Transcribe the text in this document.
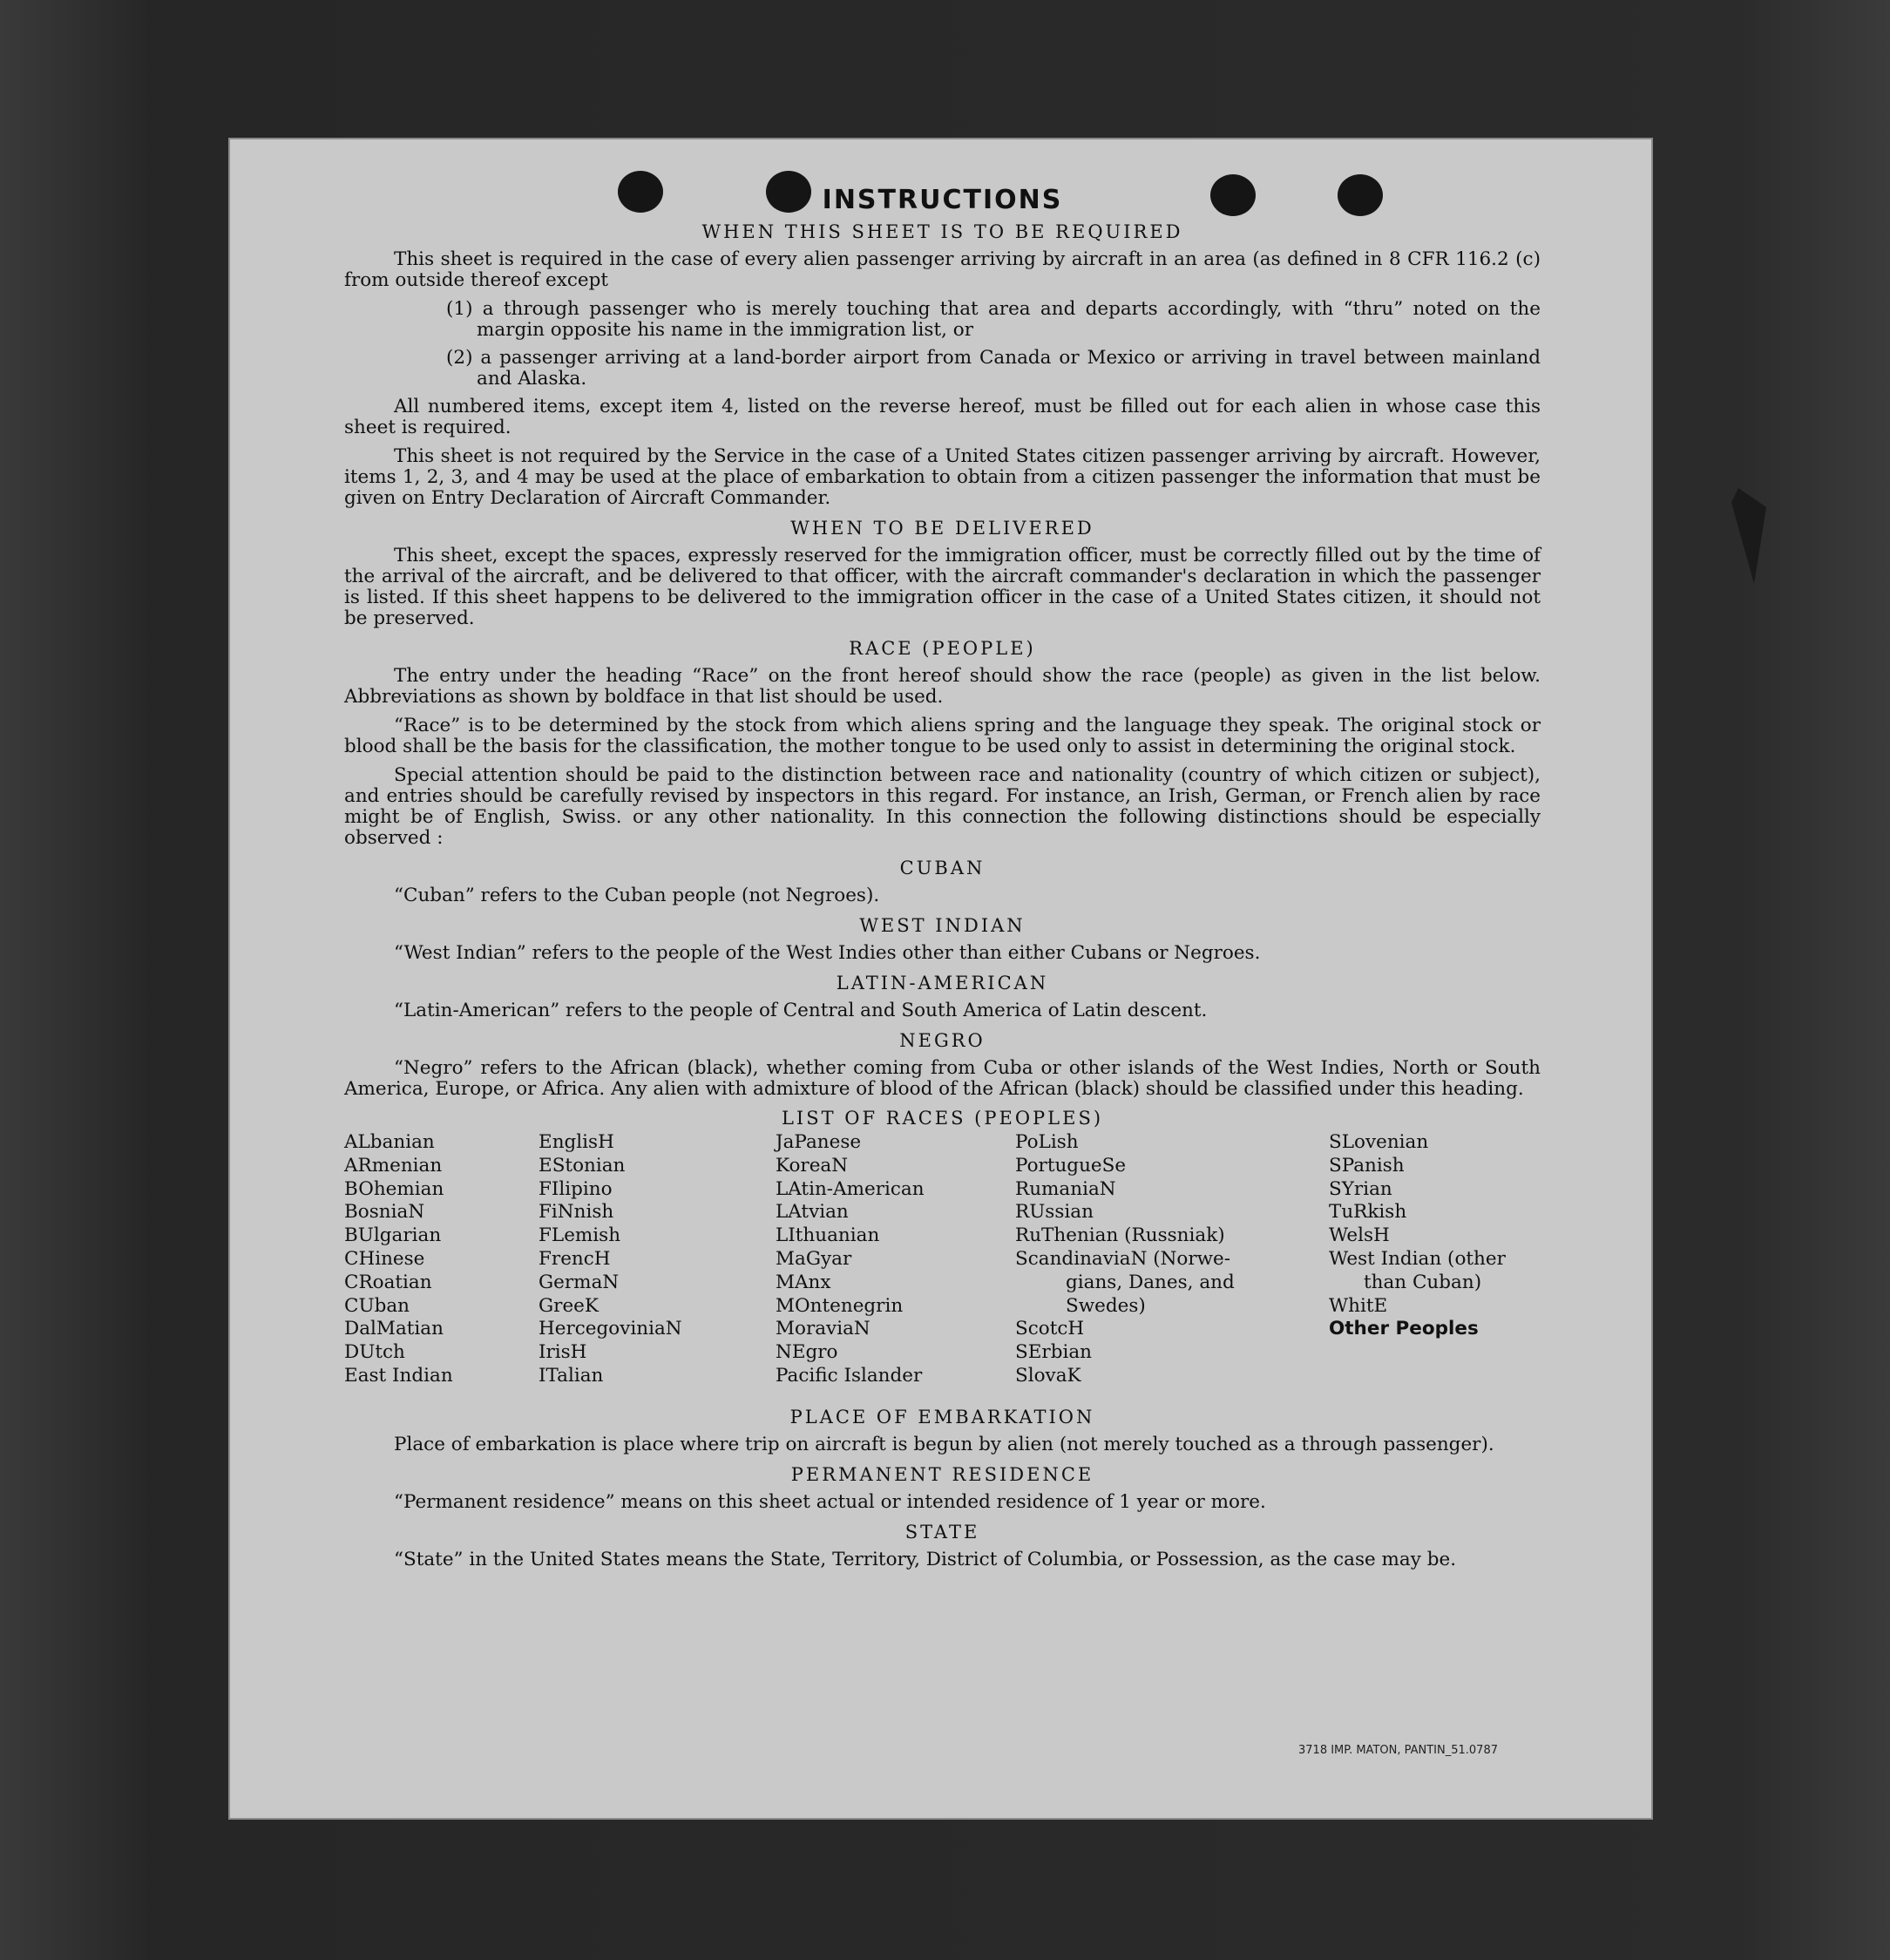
INSTRUCTIONS
WHEN THIS SHEET IS TO BE REQUIRED

This sheet is required in the case of every alien passenger arriving by aircraft in an area (as defined in 8 CFR 116.2 (c) from outside thereof except

(1) a through passenger who is merely touching that area and departs accordingly, with “thru” noted on the margin opposite his name in the immigration list, or

(2) a passenger arriving at a land-border airport from Canada or Mexico or arriving in travel between mainland and Alaska.

All numbered items, except item 4, listed on the reverse hereof, must be filled out for each alien in whose case this sheet is required.

This sheet is not required by the Service in the case of a United States citizen passenger arriving by aircraft. However, items 1, 2, 3, and 4 may be used at the place of embarkation to obtain from a citizen passenger the information that must be given on Entry Declaration of Aircraft Commander.

WHEN TO BE DELIVERED

This sheet, except the spaces, expressly reserved for the immigration officer, must be correctly filled out by the time of the arrival of the aircraft, and be delivered to that officer, with the aircraft commander's declaration in which the passenger is listed. If this sheet happens to be delivered to the immigration officer in the case of a United States citizen, it should not be preserved.

RACE (PEOPLE)

The entry under the heading “Race” on the front hereof should show the race (people) as given in the list below. Abbreviations as shown by boldface in that list should be used.

“Race” is to be determined by the stock from which aliens spring and the language they speak. The original stock or blood shall be the basis for the classification, the mother tongue to be used only to assist in determining the original stock.

Special attention should be paid to the distinction between race and nationality (country of which citizen or subject), and entries should be carefully revised by inspectors in this regard. For instance, an Irish, German, or French alien by race might be of English, Swiss. or any other nationality. In this connection the following distinctions should be especially observed :

CUBAN

“Cuban” refers to the Cuban people (not Negroes).

WEST INDIAN

“West Indian” refers to the people of the West Indies other than either Cubans or Negroes.

LATIN-AMERICAN

“Latin-American” refers to the people of Central and South America of Latin descent.

NEGRO

“Negro” refers to the African (black), whether coming from Cuba or other islands of the West Indies, North or South America, Europe, or Africa. Any alien with admixture of blood of the African (black) should be classified under this heading.

LIST OF RACES (PEOPLES)
ALbanian
ARmenian
BOhemian
BosniaN
BUlgarian
CHinese
CRoatian
CUban
DalMatian
DUtch
East Indian
EnglisH
EStonian
FIlipino
FiNnish
FLemish
FrencH
GermaN
GreeK
HercegoviniaN
IrisH
ITalian
JaPanese
KoreaN
LAtin-American
LAtvian
LIthuanian
MaGyar
MAnx
MOntenegrin
MoraviaN
NEgro
Pacific Islander
PoLish
PortugueSe
RumaniaN
RUssian
RuThenian (Russniak)
ScandinaviaN (Norwe-
gians, Danes, and
Swedes)
ScotcH
SErbian
SlovaK
SLovenian
SPanish
SYrian
TuRkish
WelsH
West Indian (other
than Cuban)
WhitE
Other Peoples
PLACE OF EMBARKATION

Place of embarkation is place where trip on aircraft is begun by alien (not merely touched as a through passenger).

PERMANENT RESIDENCE

“Permanent residence” means on this sheet actual or intended residence of 1 year or more.

STATE

“State” in the United States means the State, Territory, District of Columbia, or Possession, as the case may be.

3718 IMP. MATON, PANTIN_51.0787
